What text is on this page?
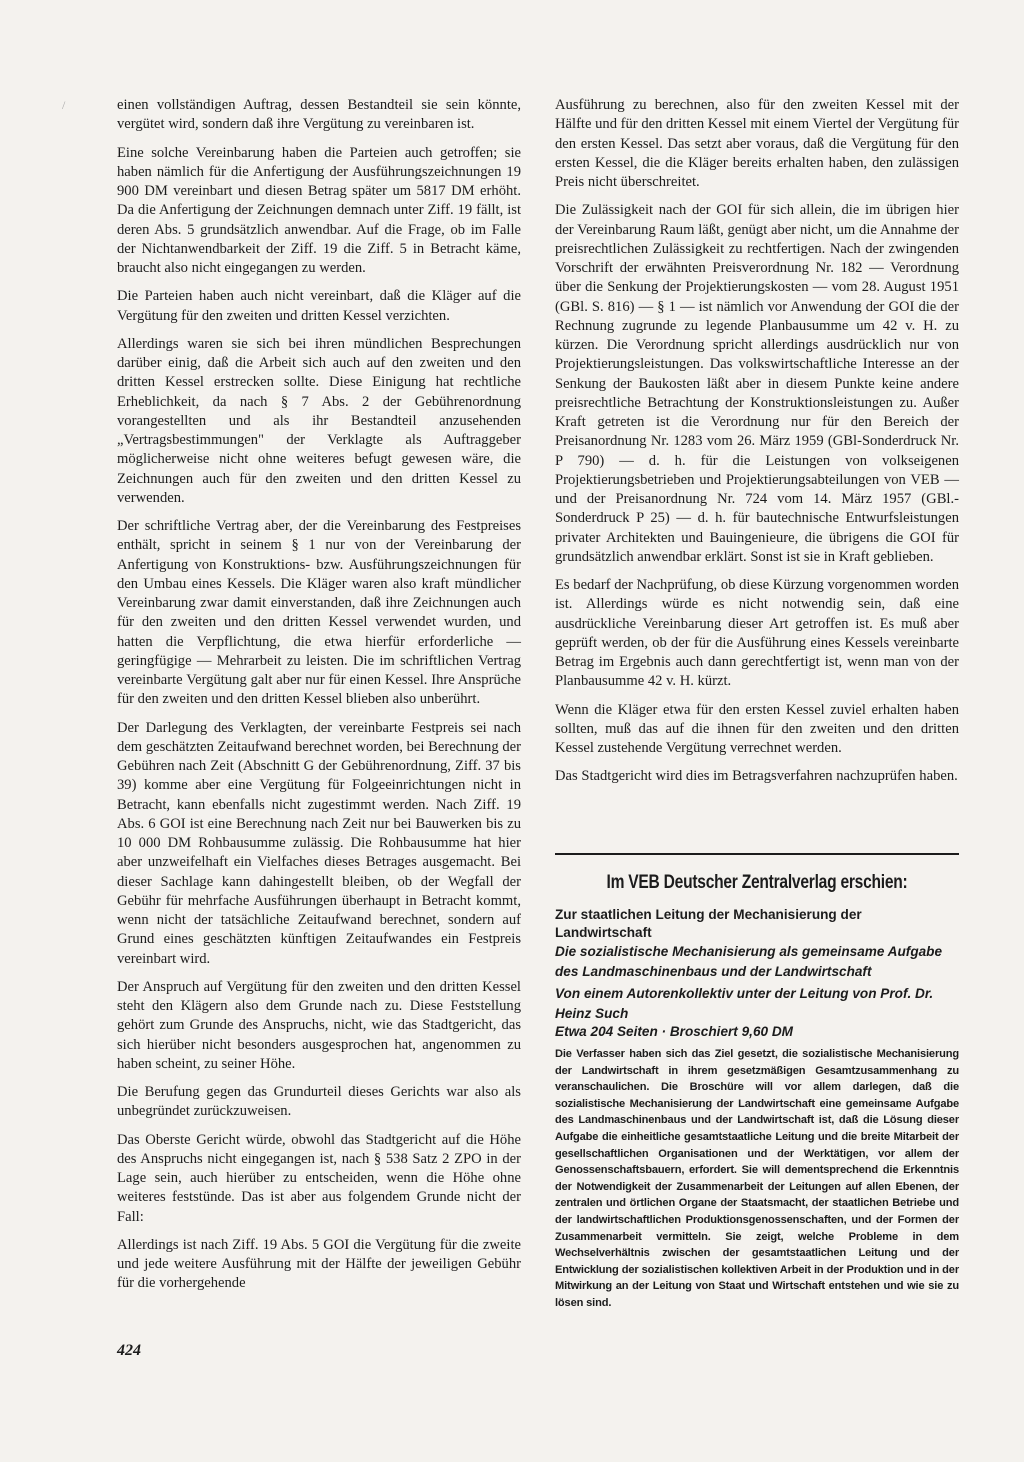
einen vollständigen Auftrag, dessen Bestandteil sie sein könnte, vergütet wird, sondern daß ihre Vergütung zu vereinbaren ist.

Eine solche Vereinbarung haben die Parteien auch getroffen; sie haben nämlich für die Anfertigung der Ausführungszeichnungen 19 900 DM vereinbart und diesen Betrag später um 5817 DM erhöht. Da die Anfertigung der Zeichnungen demnach unter Ziff. 19 fällt, ist deren Abs. 5 grundsätzlich anwendbar. Auf die Frage, ob im Falle der Nichtanwendbarkeit der Ziff. 19 die Ziff. 5 in Betracht käme, braucht also nicht eingegangen zu werden.

Die Parteien haben auch nicht vereinbart, daß die Kläger auf die Vergütung für den zweiten und dritten Kessel verzichten.

Allerdings waren sie sich bei ihren mündlichen Besprechungen darüber einig, daß die Arbeit sich auch auf den zweiten und den dritten Kessel erstrecken sollte. Diese Einigung hat rechtliche Erheblichkeit, da nach § 7 Abs. 2 der Gebührenordnung vorangestellten und als ihr Bestandteil anzusehenden „Vertragsbestimmungen" der Verklagte als Auftraggeber möglicherweise nicht ohne weiteres befugt gewesen wäre, die Zeichnungen auch für den zweiten und den dritten Kessel zu verwenden.

Der schriftliche Vertrag aber, der die Vereinbarung des Festpreises enthält, spricht in seinem § 1 nur von der Vereinbarung der Anfertigung von Konstruktions- bzw. Ausführungszeichnungen für den Umbau eines Kessels. Die Kläger waren also kraft mündlicher Vereinbarung zwar damit einverstanden, daß ihre Zeichnungen auch für den zweiten und den dritten Kessel verwendet wurden, und hatten die Verpflichtung, die etwa hierfür erforderliche — geringfügige — Mehrarbeit zu leisten. Die im schriftlichen Vertrag vereinbarte Vergütung galt aber nur für einen Kessel. Ihre Ansprüche für den zweiten und den dritten Kessel blieben also unberührt.

Der Darlegung des Verklagten, der vereinbarte Festpreis sei nach dem geschätzten Zeitaufwand berechnet worden, bei Berechnung der Gebühren nach Zeit (Abschnitt G der Gebührenordnung, Ziff. 37 bis 39) komme aber eine Vergütung für Folgeeinrichtungen nicht in Betracht, kann ebenfalls nicht zugestimmt werden. Nach Ziff. 19 Abs. 6 GOI ist eine Berechnung nach Zeit nur bei Bauwerken bis zu 10 000 DM Rohbausumme zulässig. Die Rohbausumme hat hier aber unzweifelhaft ein Vielfaches dieses Betrages ausgemacht. Bei dieser Sachlage kann dahingestellt bleiben, ob der Wegfall der Gebühr für mehrfache Ausführungen überhaupt in Betracht kommt, wenn nicht der tatsächliche Zeitaufwand berechnet, sondern auf Grund eines geschätzten künftigen Zeitaufwandes ein Festpreis vereinbart wird.

Der Anspruch auf Vergütung für den zweiten und den dritten Kessel steht den Klägern also dem Grunde nach zu. Diese Feststellung gehört zum Grunde des Anspruchs, nicht, wie das Stadtgericht, das sich hierüber nicht besonders ausgesprochen hat, angenommen zu haben scheint, zu seiner Höhe.

Die Berufung gegen das Grundurteil dieses Gerichts war also als unbegründet zurückzuweisen.

Das Oberste Gericht würde, obwohl das Stadtgericht auf die Höhe des Anspruchs nicht eingegangen ist, nach § 538 Satz 2 ZPO in der Lage sein, auch hierüber zu entscheiden, wenn die Höhe ohne weiteres feststünde. Das ist aber aus folgendem Grunde nicht der Fall:

Allerdings ist nach Ziff. 19 Abs. 5 GOI die Vergütung für die zweite und jede weitere Ausführung mit der Hälfte der jeweiligen Gebühr für die vorhergehende

Ausführung zu berechnen, also für den zweiten Kessel mit der Hälfte und für den dritten Kessel mit einem Viertel der Vergütung für den ersten Kessel. Das setzt aber voraus, daß die Vergütung für den ersten Kessel, die die Kläger bereits erhalten haben, den zulässigen Preis nicht überschreitet.

Die Zulässigkeit nach der GOI für sich allein, die im übrigen hier der Vereinbarung Raum läßt, genügt aber nicht, um die Annahme der preisrechtlichen Zulässigkeit zu rechtfertigen. Nach der zwingenden Vorschrift der erwähnten Preisverordnung Nr. 182 — Verordnung über die Senkung der Projektierungskosten — vom 28. August 1951 (GBl. S. 816) — § 1 — ist nämlich vor Anwendung der GOI die der Rechnung zugrunde zu legende Planbausumme um 42 v. H. zu kürzen. Die Verordnung spricht allerdings ausdrücklich nur von Projektierungsleistungen. Das volkswirtschaftliche Interesse an der Senkung der Baukosten läßt aber in diesem Punkte keine andere preisrechtliche Betrachtung der Konstruktionsleistungen zu. Außer Kraft getreten ist die Verordnung nur für den Bereich der Preisanordnung Nr. 1283 vom 26. März 1959 (GBl-Sonderdruck Nr. P 790) — d. h. für die Leistungen von volkseigenen Projektierungsbetrieben und Projektierungsabteilungen von VEB — und der Preisanordnung Nr. 724 vom 14. März 1957 (GBl.-Sonderdruck P 25) — d. h. für bautechnische Entwurfsleistungen privater Architekten und Bauingenieure, die übrigens die GOI für grundsätzlich anwendbar erklärt. Sonst ist sie in Kraft geblieben.

Es bedarf der Nachprüfung, ob diese Kürzung vorgenommen worden ist. Allerdings würde es nicht notwendig sein, daß eine ausdrückliche Vereinbarung dieser Art getroffen ist. Es muß aber geprüft werden, ob der für die Ausführung eines Kessels vereinbarte Betrag im Ergebnis auch dann gerechtfertigt ist, wenn man von der Planbausumme 42 v. H. kürzt.

Wenn die Kläger etwa für den ersten Kessel zuviel erhalten haben sollten, muß das auf die ihnen für den zweiten und den dritten Kessel zustehende Vergütung verrechnet werden.

Das Stadtgericht wird dies im Betragsverfahren nachzuprüfen haben.

Im VEB Deutscher Zentralverlag erschien:
Zur staatlichen Leitung der Mechanisierung der Landwirtschaft
Die sozialistische Mechanisierung als gemeinsame Aufgabe des Landmaschinenbaus und der Landwirtschaft
Von einem Autorenkollektiv unter der Leitung von Prof. Dr. Heinz Such
Etwa 204 Seiten · Broschiert 9,60 DM
Die Verfasser haben sich das Ziel gesetzt, die sozialistische Mechanisierung der Landwirtschaft in ihrem gesetzmäßigen Gesamtzusammenhang zu veranschaulichen. Die Broschüre will vor allem darlegen, daß die sozialistische Mechanisierung der Landwirtschaft eine gemeinsame Aufgabe des Landmaschinenbaus und der Landwirtschaft ist, daß die Lösung dieser Aufgabe die einheitliche gesamtstaatliche Leitung und die breite Mitarbeit der gesellschaftlichen Organisationen und der Werktätigen, vor allem der Genossenschaftsbauern, erfordert. Sie will dementsprechend die Erkenntnis der Notwendigkeit der Zusammenarbeit der Leitungen auf allen Ebenen, der zentralen und örtlichen Organe der Staatsmacht, der staatlichen Betriebe und der landwirtschaftlichen Produktionsgenossenschaften, und der Formen der Zusammenarbeit vermitteln. Sie zeigt, welche Probleme in dem Wechselverhältnis zwischen der gesamtstaatlichen Leitung und der Entwicklung der sozialistischen kollektiven Arbeit in der Produktion und in der Mitwirkung an der Leitung von Staat und Wirtschaft entstehen und wie sie zu lösen sind.
424
/
